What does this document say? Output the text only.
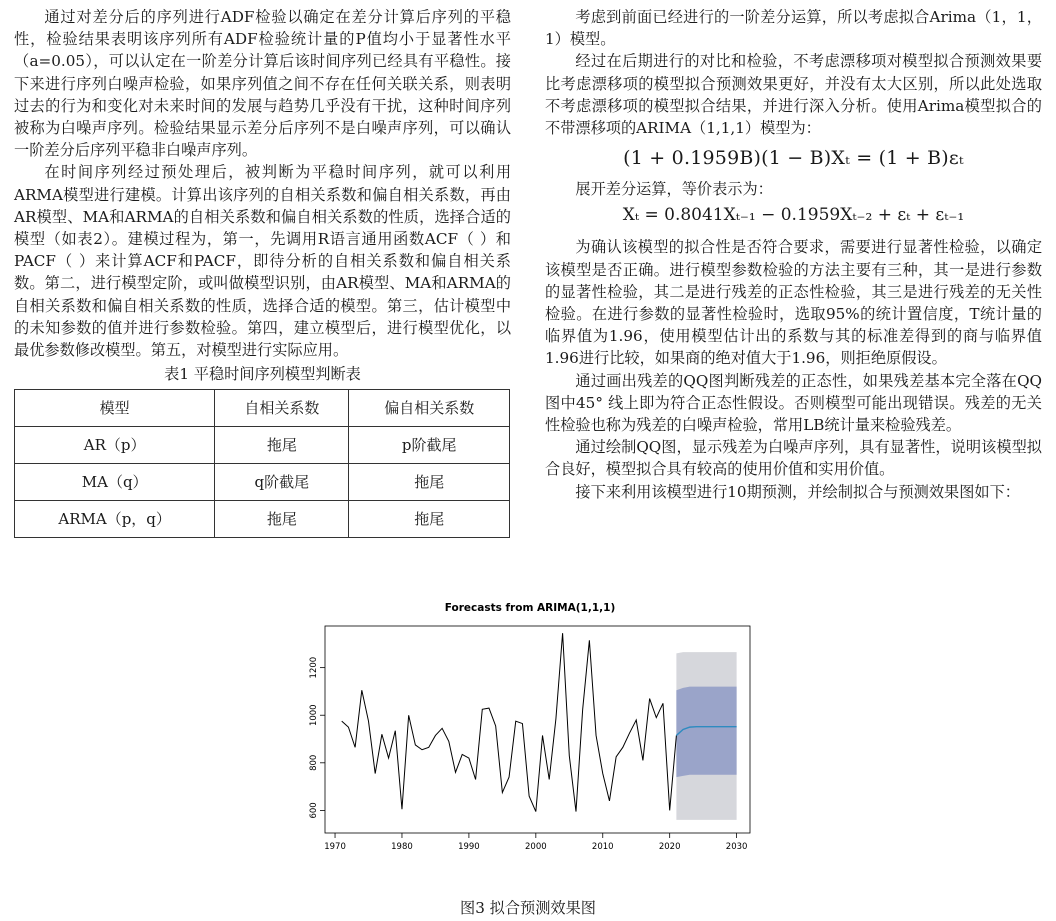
通过对差分后的序列进行ADF检验以确定在差分计算后序列的平稳性，检验结果表明该序列所有ADF检验统计量的P值均小于显著性水平（a=0.05），可以认定在一阶差分计算后该时间序列已经具有平稳性。接下来进行序列白噪声检验，如果序列值之间不存在任何关联关系，则表明过去的行为和变化对未来时间的发展与趋势几乎没有干扰，这种时间序列被称为白噪声序列。检验结果显示差分后序列不是白噪声序列，可以确认一阶差分后序列平稳非白噪声序列。

在时间序列经过预处理后，被判断为平稳时间序列，就可以利用ARMA模型进行建模。计算出该序列的自相关系数和偏自相关系数，再由AR模型、MA和ARMA的自相关系数和偏自相关系数的性质，选择合适的模型（如表2）。建模过程为，第一，先调用R语言通用函数ACF（ ）和PACF（ ）来计算ACF和PACF，即待分析的自相关系数和偏自相关系数。第二，进行模型定阶，或叫做模型识别，由AR模型、MA和ARMA的自相关系数和偏自相关系数的性质，选择合适的模型。第三，估计模型中的未知参数的值并进行参数检验。第四，建立模型后，进行模型优化，以最优参数修改模型。第五，对模型进行实际应用。

表1 平稳时间序列模型判断表
模型	自相关系数	偏自相关系数
AR（p）	拖尾	p阶截尾
MA（q）	q阶截尾	拖尾
ARMA（p，q）	拖尾	拖尾

考虑到前面已经进行的一阶差分运算，所以考虑拟合Arima（1，1，1）模型。

经过在后期进行的对比和检验，不考虑漂移项对模型拟合预测效果要比考虑漂移项的模型拟合预测效果更好，并没有太大区别，所以此处选取不考虑漂移项的模型拟合结果，并进行深入分析。使用Arima模型拟合的不带漂移项的ARIMA（1,1,1）模型为：

(1 + 0.1959B)(1 − B)Xₜ = (1 + B)εₜ

展开差分运算，等价表示为：

Xₜ = 0.8041Xₜ₋₁ − 0.1959Xₜ₋₂ + εₜ + εₜ₋₁

为确认该模型的拟合性是否符合要求，需要进行显著性检验，以确定该模型是否正确。进行模型参数检验的方法主要有三种，其一是进行参数的显著性检验，其二是进行残差的正态性检验，其三是进行残差的无关性检验。在进行参数的显著性检验时，选取95%的统计置信度，T统计量的临界值为1.96，使用模型估计出的系数与其的标准差得到的商与临界值1.96进行比较，如果商的绝对值大于1.96，则拒绝原假设。

通过画出残差的QQ图判断残差的正态性，如果残差基本完全落在QQ图中45° 线上即为符合正态性假设。否则模型可能出现错误。残差的无关性检验也称为残差的白噪声检验，常用LB统计量来检验残差。

通过绘制QQ图，显示残差为白噪声序列，具有显著性，说明该模型拟合良好，模型拟合具有较高的使用价值和实用价值。

接下来利用该模型进行10期预测，并绘制拟合与预测效果图如下：

Forecasts from ARIMA(1,1,1)
1970	1980	1990	2000	2010	2020	2030
600
800
1000
1200
图3 拟合预测效果图
